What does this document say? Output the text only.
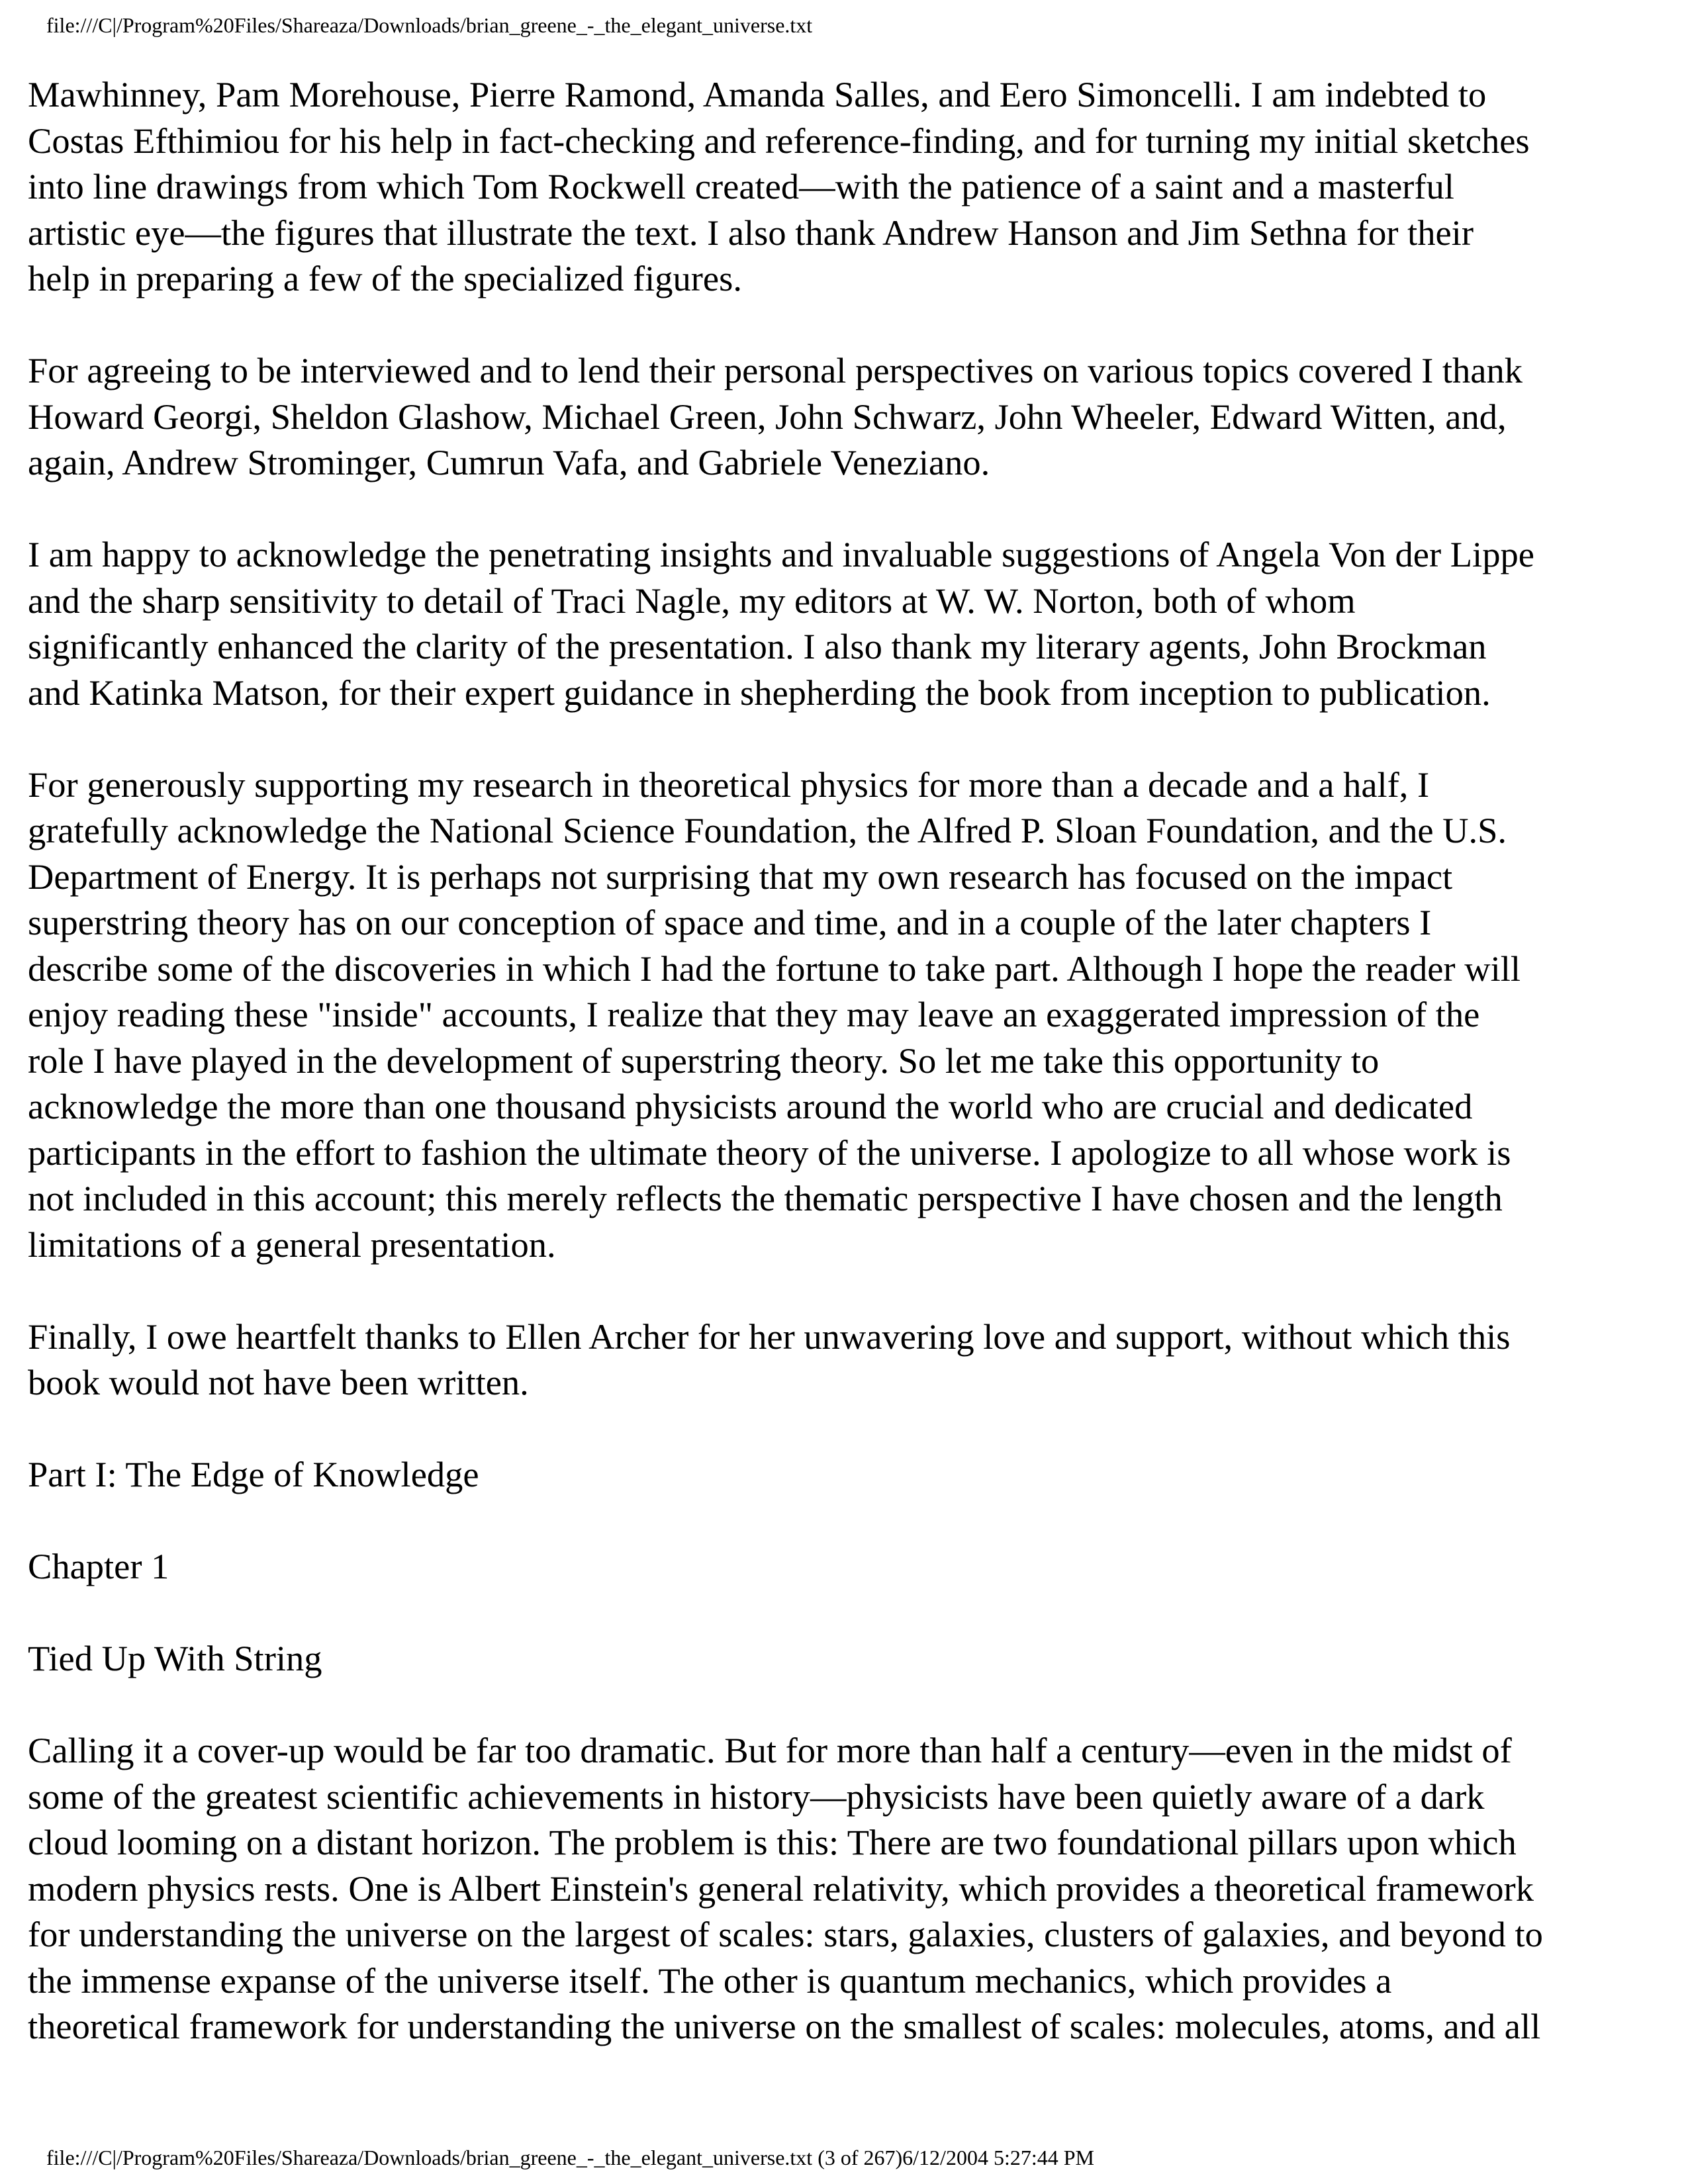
file:///C|/Program%20Files/Shareaza/Downloads/brian_greene_-_the_elegant_universe.txt

Mawhinney, Pam Morehouse, Pierre Ramond, Amanda Salles, and Eero Simoncelli. I am indebted to
Costas Efthimiou for his help in fact-checking and reference-finding, and for turning my initial sketches
into line drawings from which Tom Rockwell created—with the patience of a saint and a masterful
artistic eye—the figures that illustrate the text. I also thank Andrew Hanson and Jim Sethna for their
help in preparing a few of the specialized figures.

For agreeing to be interviewed and to lend their personal perspectives on various topics covered I thank
Howard Georgi, Sheldon Glashow, Michael Green, John Schwarz, John Wheeler, Edward Witten, and,
again, Andrew Strominger, Cumrun Vafa, and Gabriele Veneziano.

I am happy to acknowledge the penetrating insights and invaluable suggestions of Angela Von der Lippe
and the sharp sensitivity to detail of Traci Nagle, my editors at W. W. Norton, both of whom
significantly enhanced the clarity of the presentation. I also thank my literary agents, John Brockman
and Katinka Matson, for their expert guidance in shepherding the book from inception to publication.

For generously supporting my research in theoretical physics for more than a decade and a half, I
gratefully acknowledge the National Science Foundation, the Alfred P. Sloan Foundation, and the U.S.
Department of Energy. It is perhaps not surprising that my own research has focused on the impact
superstring theory has on our conception of space and time, and in a couple of the later chapters I
describe some of the discoveries in which I had the fortune to take part. Although I hope the reader will
enjoy reading these "inside" accounts, I realize that they may leave an exaggerated impression of the
role I have played in the development of superstring theory. So let me take this opportunity to
acknowledge the more than one thousand physicists around the world who are crucial and dedicated
participants in the effort to fashion the ultimate theory of the universe. I apologize to all whose work is
not included in this account; this merely reflects the thematic perspective I have chosen and the length
limitations of a general presentation.

Finally, I owe heartfelt thanks to Ellen Archer for her unwavering love and support, without which this
book would not have been written.

Part I: The Edge of Knowledge

Chapter 1

Tied Up With String

Calling it a cover-up would be far too dramatic. But for more than half a century—even in the midst of
some of the greatest scientific achievements in history—physicists have been quietly aware of a dark
cloud looming on a distant horizon. The problem is this: There are two foundational pillars upon which
modern physics rests. One is Albert Einstein's general relativity, which provides a theoretical framework
for understanding the universe on the largest of scales: stars, galaxies, clusters of galaxies, and beyond to
the immense expanse of the universe itself. The other is quantum mechanics, which provides a
theoretical framework for understanding the universe on the smallest of scales: molecules, atoms, and all

file:///C|/Program%20Files/Shareaza/Downloads/brian_greene_-_the_elegant_universe.txt (3 of 267)6/12/2004 5:27:44 PM
